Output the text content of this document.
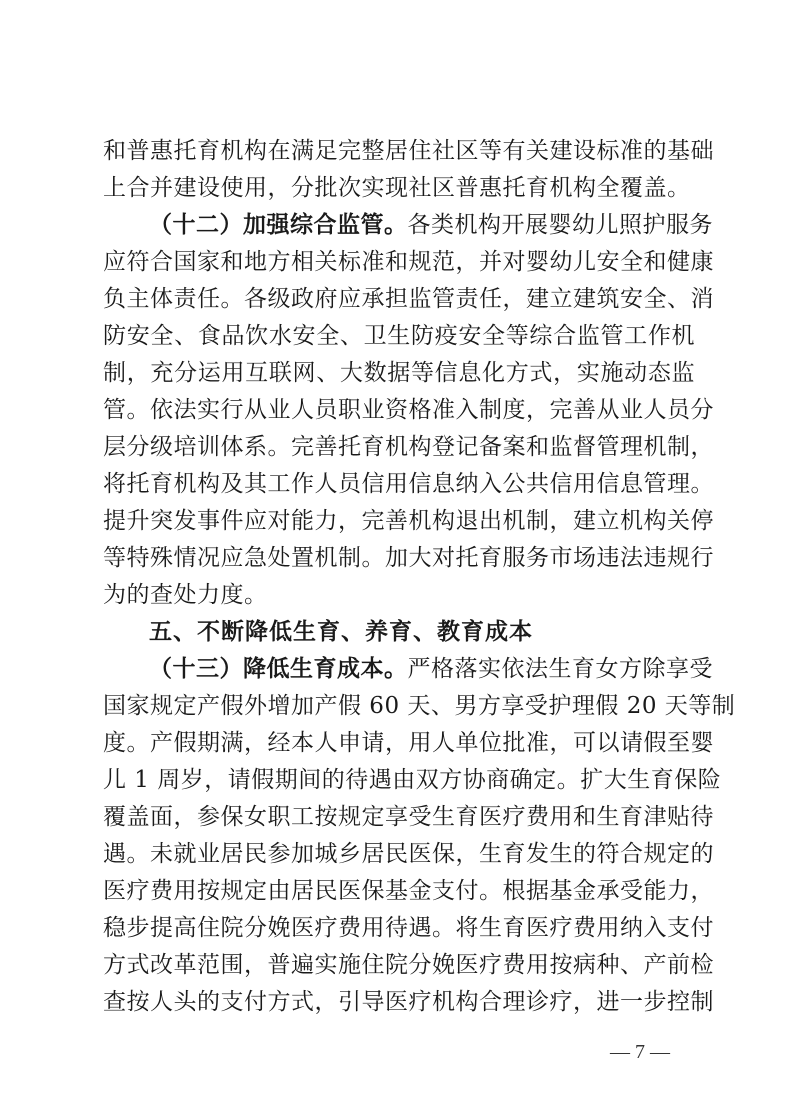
和普惠托育机构在满足完整居住社区等有关建设标准的基础
上合并建设使用，分批次实现社区普惠托育机构全覆盖。
（十二）加强综合监管。各类机构开展婴幼儿照护服务
应符合国家和地方相关标准和规范，并对婴幼儿安全和健康
负主体责任。各级政府应承担监管责任，建立建筑安全、消
防安全、食品饮水安全、卫生防疫安全等综合监管工作机
制，充分运用互联网、大数据等信息化方式，实施动态监
管。依法实行从业人员职业资格准入制度，完善从业人员分
层分级培训体系。完善托育机构登记备案和监督管理机制，
将托育机构及其工作人员信用信息纳入公共信用信息管理。
提升突发事件应对能力，完善机构退出机制，建立机构关停
等特殊情况应急处置机制。加大对托育服务市场违法违规行
为的查处力度。
五、不断降低生育、养育、教育成本
（十三）降低生育成本。严格落实依法生育女方除享受
国家规定产假外增加产假 60 天、男方享受护理假 20 天等制
度。产假期满，经本人申请，用人单位批准，可以请假至婴
儿 1 周岁，请假期间的待遇由双方协商确定。扩大生育保险
覆盖面，参保女职工按规定享受生育医疗费用和生育津贴待
遇。未就业居民参加城乡居民医保，生育发生的符合规定的
医疗费用按规定由居民医保基金支付。根据基金承受能力，
稳步提高住院分娩医疗费用待遇。将生育医疗费用纳入支付
方式改革范围，普遍实施住院分娩医疗费用按病种、产前检
查按人头的支付方式，引导医疗机构合理诊疗，进一步控制
— 7 —
